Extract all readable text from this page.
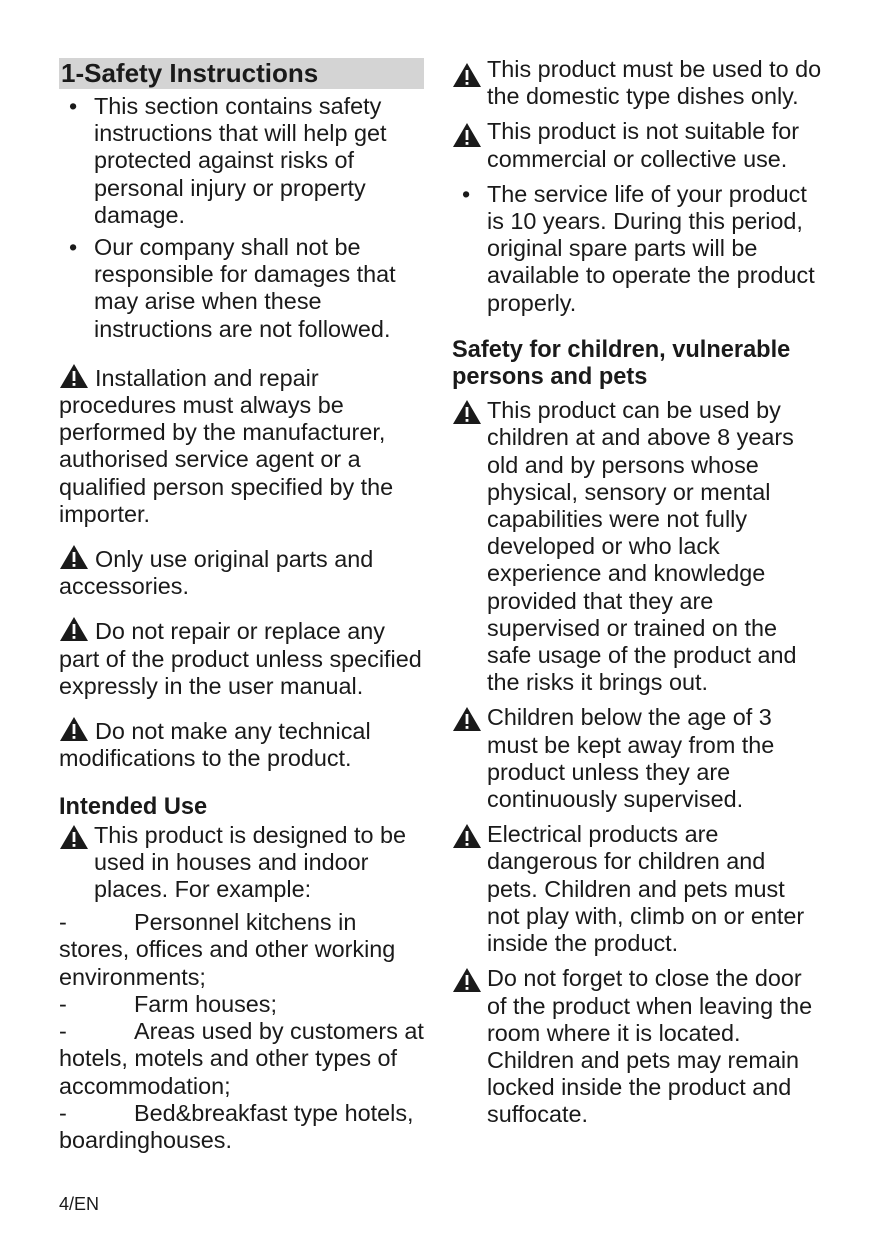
1-Safety Instructions
• This section contains safety instructions that will help get protected against risks of personal injury or property damage.
• Our company shall not be responsible for damages that may arise when these instructions are not followed.

Installation and repair procedures must always be performed by the manufacturer, authorised service agent or a qualified person specified by the importer.

Only use original parts and accessories.

Do not repair or replace any part of the product unless specified expressly in the user manual.

Do not make any technical modifications to the product.

Intended Use

This product is designed to be used in houses and indoor places. For example:

-	Personnel kitchens in stores, offices and other working environments;

-	Farm houses;

-	Areas used by customers at hotels, motels and other types of accommodation;

-	Bed&breakfast type hotels, boardinghouses.

This product must be used to do the domestic type dishes only.

This product is not suitable for commercial or collective use.

• The service life of your product is 10 years. During this period, original spare parts will be available to operate the product properly.

Safety for children, vulnerable persons and pets

This product can be used by children at and above 8 years old and by persons whose physical, sensory or mental capabilities were not fully developed or who lack experience and knowledge provided that they are supervised or trained on the safe usage of the product and the risks it brings out.

Children below the age of 3 must be kept away from the product unless they are continuously supervised.

Electrical products are dangerous for children and pets. Children and pets must not play with, climb on or enter inside the product.

Do not forget to close the door of the product when leaving the room where it is located. Children and pets may remain locked inside the product and suffocate.

4/EN
